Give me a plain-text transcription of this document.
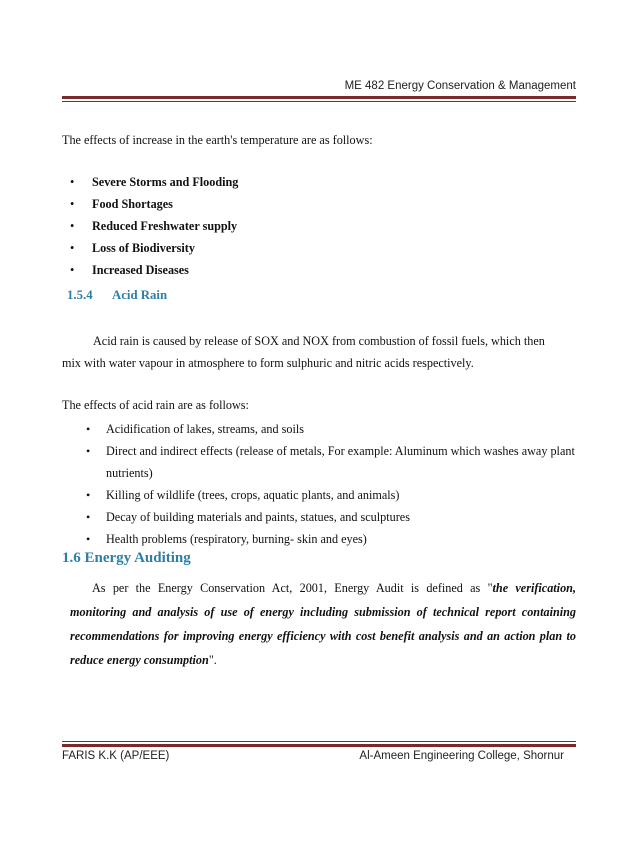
ME 482 Energy Conservation & Management
The effects of increase in the earth's temperature are as follows:
• Severe Storms and Flooding
• Food Shortages
• Reduced Freshwater supply
• Loss of Biodiversity
• Increased Diseases
1.5.4 Acid Rain
Acid rain is caused by release of SOX and NOX from combustion of fossil fuels, which then
mix with water vapour in atmosphere to form sulphuric and nitric acids respectively.
The effects of acid rain are as follows:
• Acidification of lakes, streams, and soils
• Direct and indirect effects (release of metals, For example: Aluminum which washes away plant nutrients)
• Killing of wildlife (trees, crops, aquatic plants, and animals)
• Decay of building materials and paints, statues, and sculptures
• Health problems (respiratory, burning- skin and eyes)
1.6 Energy Auditing
As per the Energy Conservation Act, 2001, Energy Audit is defined as "the verification, monitoring and analysis of use of energy including submission of technical report containing recommendations for improving energy efficiency with cost benefit analysis and an action plan to reduce energy consumption".
FARIS K.K (AP/EEE)	Al-Ameen Engineering College, Shornur
